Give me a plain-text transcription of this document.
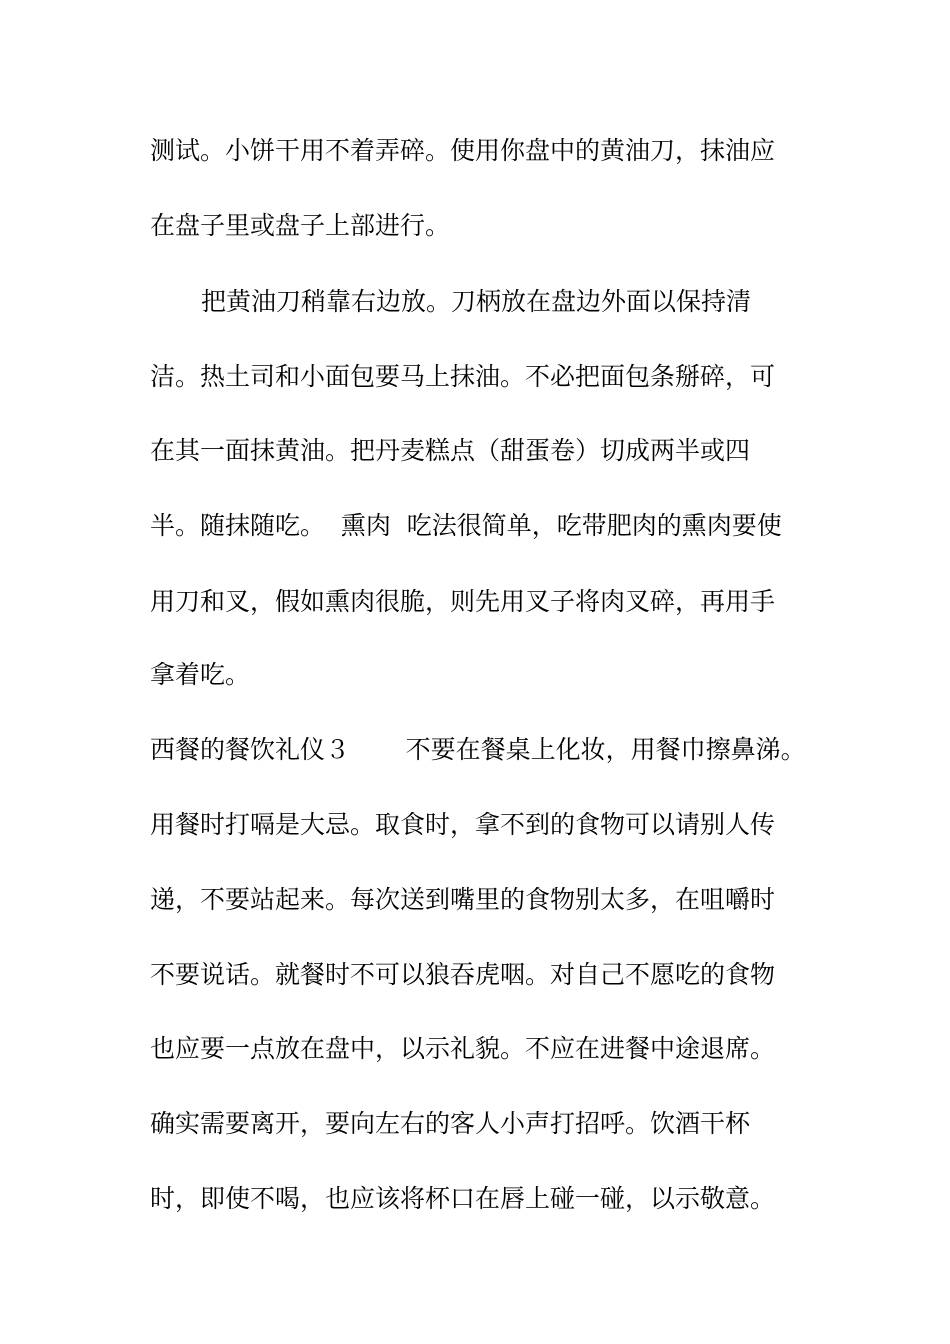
测试。小饼干用不着弄碎。使用你盘中的黄油刀，抹油应
在盘子里或盘子上部进行。
把黄油刀稍靠右边放。刀柄放在盘边外面以保持清
洁。热土司和小面包要马上抹油。不必把面包条掰碎，可
在其一面抹黄油。把丹麦糕点（甜蛋卷）切成两半或四
半。随抹随吃。  熏肉  吃法很简单，吃带肥肉的熏肉要使
用刀和叉，假如熏肉很脆，则先用叉子将肉叉碎，再用手
拿着吃。
西餐的餐饮礼仪３       不要在餐桌上化妆，用餐巾擦鼻涕。
用餐时打嗝是大忌。取食时，拿不到的食物可以请别人传
递，不要站起来。每次送到嘴里的食物别太多，在咀嚼时
不要说话。就餐时不可以狼吞虎咽。对自己不愿吃的食物
也应要一点放在盘中，以示礼貌。不应在进餐中途退席。
确实需要离开，要向左右的客人小声打招呼。饮酒干杯
时，即使不喝，也应该将杯口在唇上碰一碰，以示敬意。
